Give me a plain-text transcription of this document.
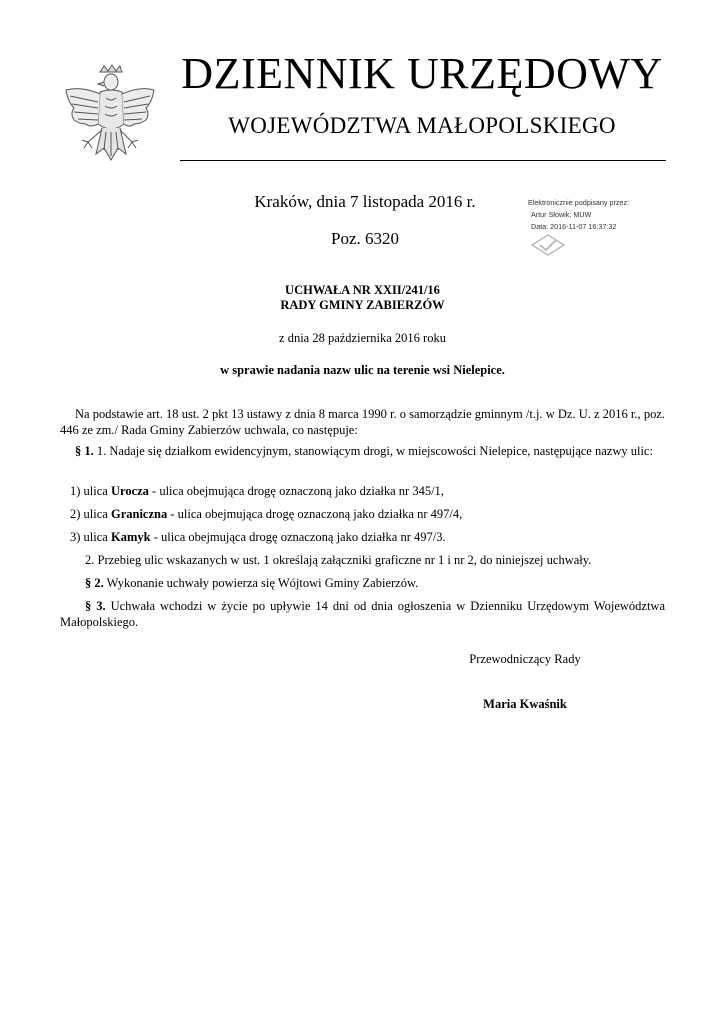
DZIENNIK URZĘDOWY
WOJEWÓDZTWA MAŁOPOLSKIEGO
Kraków, dnia 7 listopada 2016 r.
Poz. 6320
Elektronicznie podpisany przez:
Artur Słowik; MUW
Data: 2016-11-07 16:37:32
UCHWAŁA NR XXII/241/16
RADY GMINY ZABIERZÓW
z dnia 28 października 2016 roku
w sprawie nadania nazw ulic na terenie wsi Nielepice.
Na podstawie art. 18 ust. 2 pkt 13 ustawy z dnia 8 marca 1990 r. o samorządzie gminnym /t.j. w Dz. U. z 2016 r., poz. 446 ze zm./ Rada Gminy Zabierzów uchwala, co następuje:
§ 1. 1. Nadaje się działkom ewidencyjnym, stanowiącym drogi, w miejscowości Nielepice, następujące nazwy ulic:
1) ulica Urocza - ulica obejmująca drogę oznaczoną jako działka nr 345/1,
2) ulica Graniczna - ulica obejmująca drogę oznaczoną jako działka nr 497/4,
3) ulica Kamyk - ulica obejmująca drogę oznaczoną jako działka nr 497/3.
2. Przebieg ulic wskazanych w ust. 1 określają załączniki graficzne nr 1 i nr 2, do niniejszej uchwały.
§ 2. Wykonanie uchwały powierza się Wójtowi Gminy Zabierzów.
§ 3. Uchwała wchodzi w życie po upływie 14 dni od dnia ogłoszenia w Dzienniku Urzędowym Województwa Małopolskiego.
Przewodniczący Rady
Maria Kwaśnik
